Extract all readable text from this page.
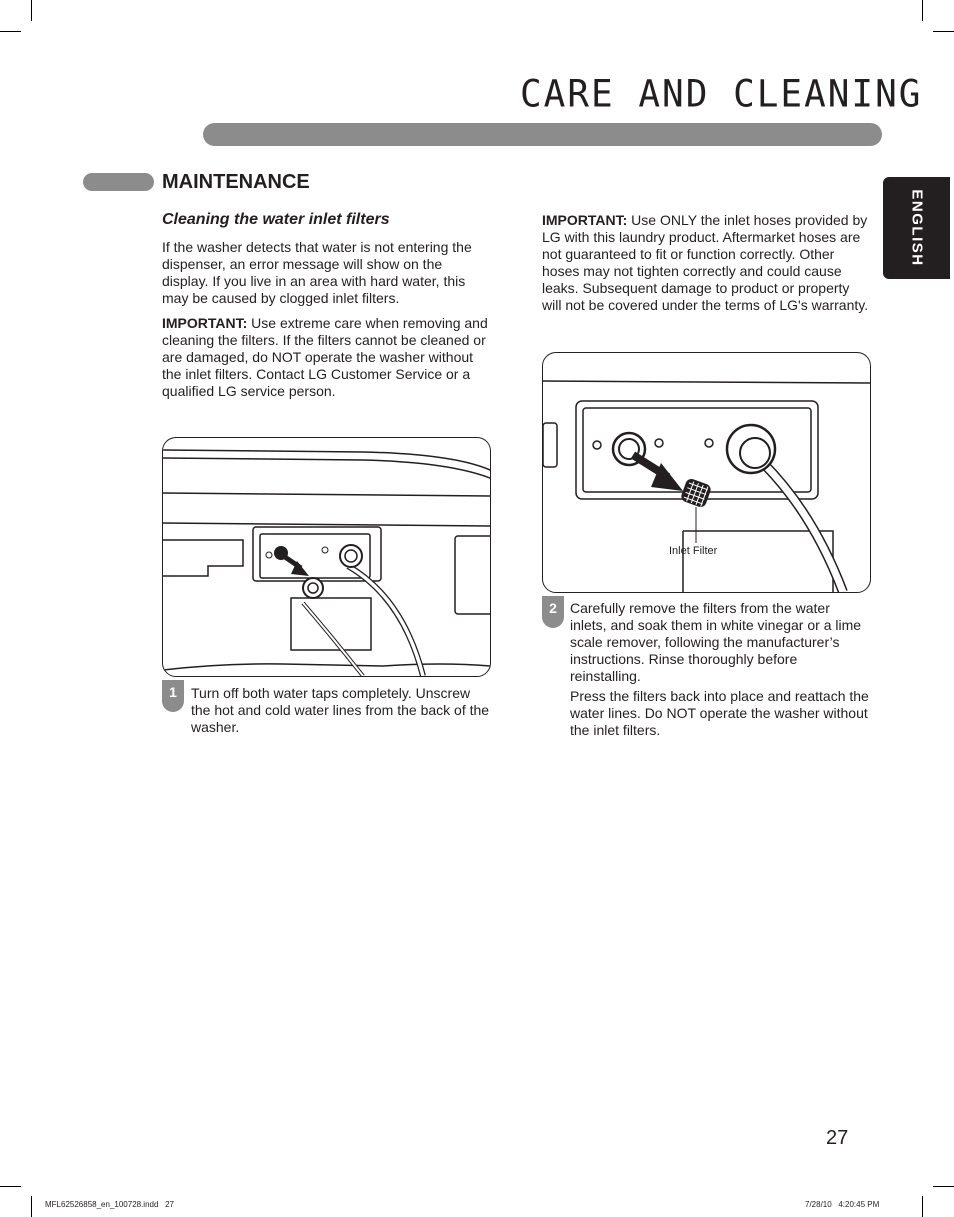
CARE AND CLEANING
ENGLISH
MAINTENANCE
Cleaning the water inlet filters
If the washer detects that water is not entering the dispenser, an error message will show on the display. If you live in an area with hard water, this may be caused by clogged inlet filters.
IMPORTANT: Use extreme care when removing and cleaning the filters. If the filters cannot be cleaned or are damaged, do NOT operate the washer without the inlet filters. Contact LG Customer Service or a qualified LG service person.
IMPORTANT: Use ONLY the inlet hoses provided by LG with this laundry product. Aftermarket hoses are not guaranteed to fit or function correctly. Other hoses may not tighten correctly and could cause leaks. Subsequent damage to product or property will not be covered under the terms of LG's warranty.
Inlet Filter
1	Turn off both water taps completely. Unscrew the hot and cold water lines from the back of the washer.
2 Carefully remove the filters from the water inlets, and soak them in white vinegar or a lime scale remover, following the manufacturer’s instructions. Rinse thoroughly before reinstalling.
Press the filters back into place and reattach the water lines. Do NOT operate the washer without the inlet filters.
27
MFL62526858_en_100728.indd   27	7/28/10   4:20:45 PM
